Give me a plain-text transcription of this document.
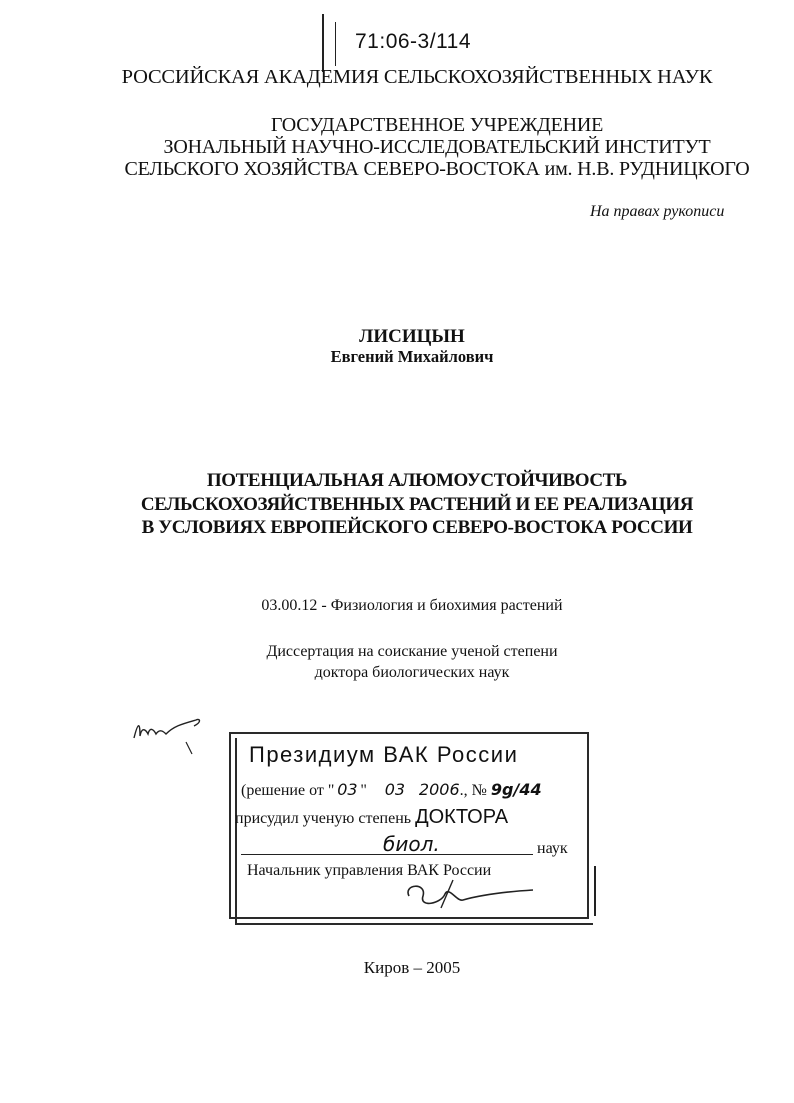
71:06-3/114
РОССИЙСКАЯ АКАДЕМИЯ СЕЛЬСКОХОЗЯЙСТВЕННЫХ НАУК
ГОСУДАРСТВЕННОЕ УЧРЕЖДЕНИЕ
ЗОНАЛЬНЫЙ НАУЧНО-ИССЛЕДОВАТЕЛЬСКИЙ ИНСТИТУТ
СЕЛЬСКОГО ХОЗЯЙСТВА СЕВЕРО-ВОСТОКА им. Н.В. РУДНИЦКОГО
На правах рукописи
ЛИСИЦЫН
Евгений Михайлович
ПОТЕНЦИАЛЬНАЯ АЛЮМОУСТОЙЧИВОСТЬ
СЕЛЬСКОХОЗЯЙСТВЕННЫХ РАСТЕНИЙ И ЕЕ РЕАЛИЗАЦИЯ
В УСЛОВИЯХ ЕВРОПЕЙСКОГО СЕВЕРО-ВОСТОКА РОССИИ
03.00.12 - Физиология и биохимия растений
Диссертация на соискание ученой степени
доктора биологических наук
Президиум ВАК России
(решение от " 03 "  03 2006., № 9g/44
присудил ученую степень ДОКТОРА
биол.	наук
Начальник управления ВАК России
Киров – 2005
